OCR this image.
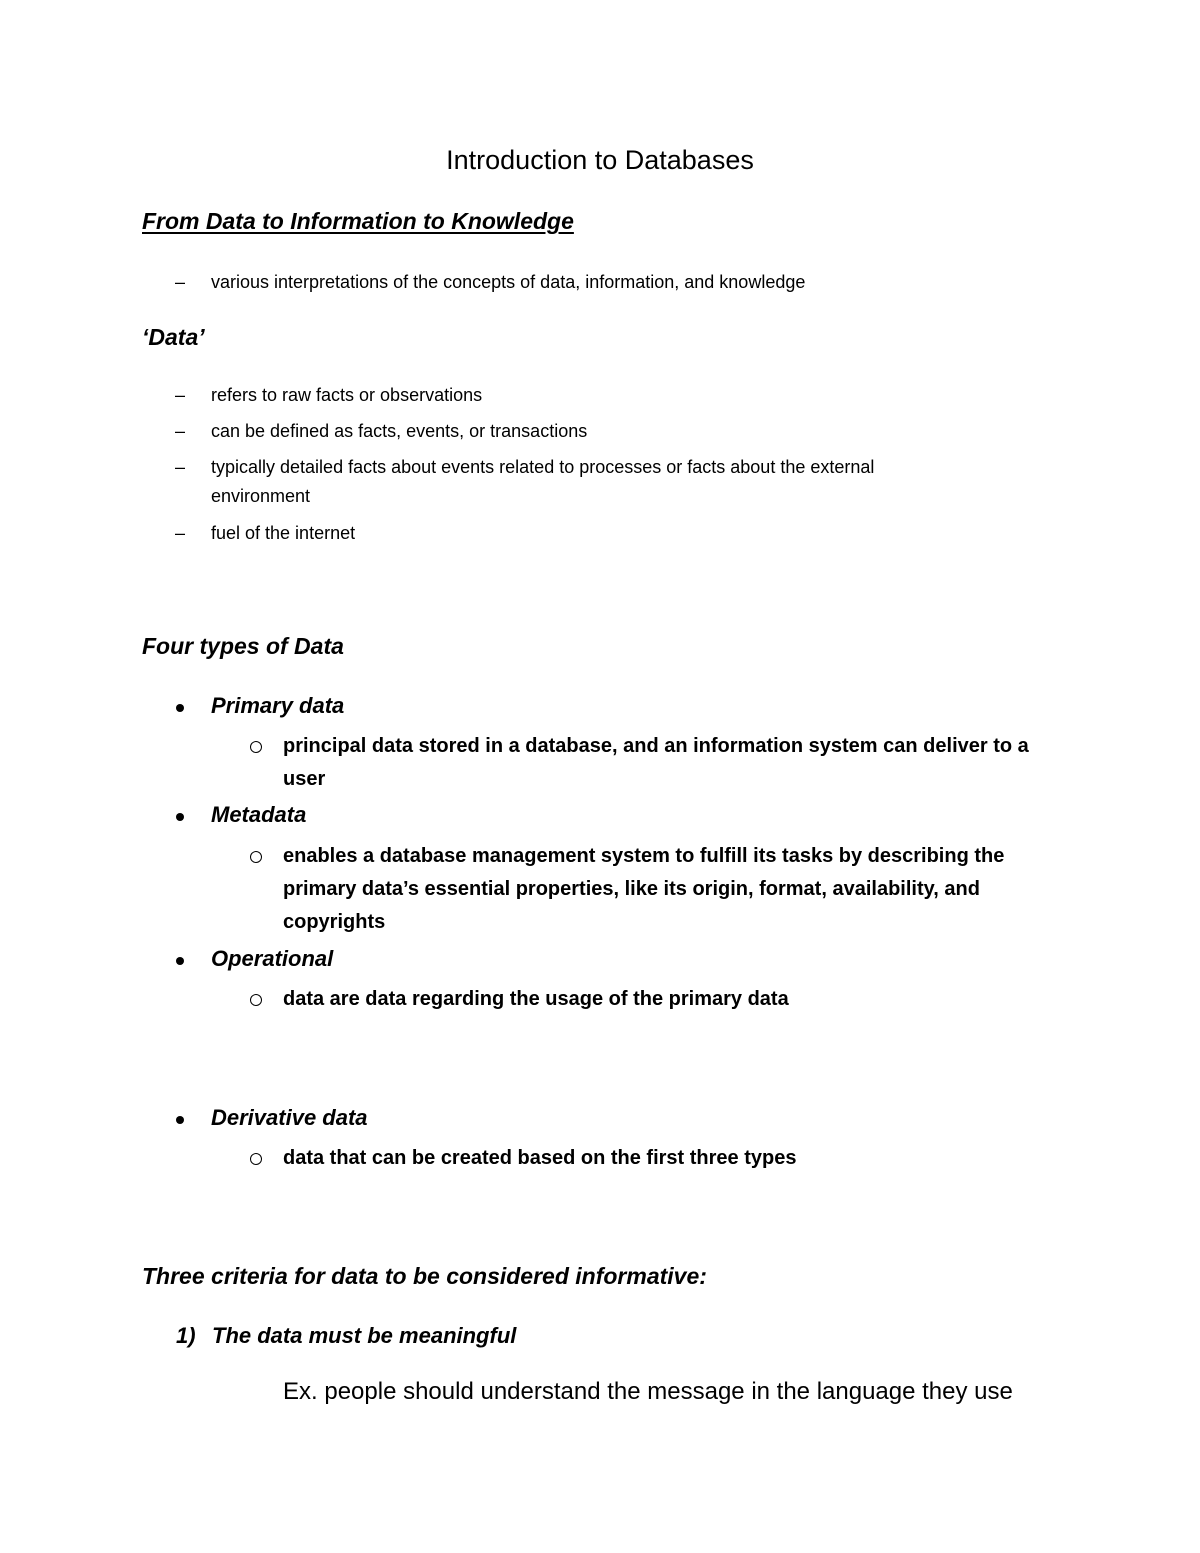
Introduction to Databases
From Data to Information to Knowledge
– various interpretations of the concepts of data, information, and knowledge
‘Data’
– refers to raw facts or observations
– can be defined as facts, events, or transactions
– typically detailed facts about events related to processes or facts about the external
environment
– fuel of the internet
Four types of Data
Primary data
principal data stored in a database, and an information system can deliver to a
user
Metadata
enables a database management system to fulfill its tasks by describing the
primary data’s essential properties, like its origin, format, availability, and
copyrights
Operational
data are data regarding the usage of the primary data
Derivative data
data that can be created based on the first three types
Three criteria for data to be considered informative:
1) The data must be meaningful
Ex. people should understand the message in the language they use
